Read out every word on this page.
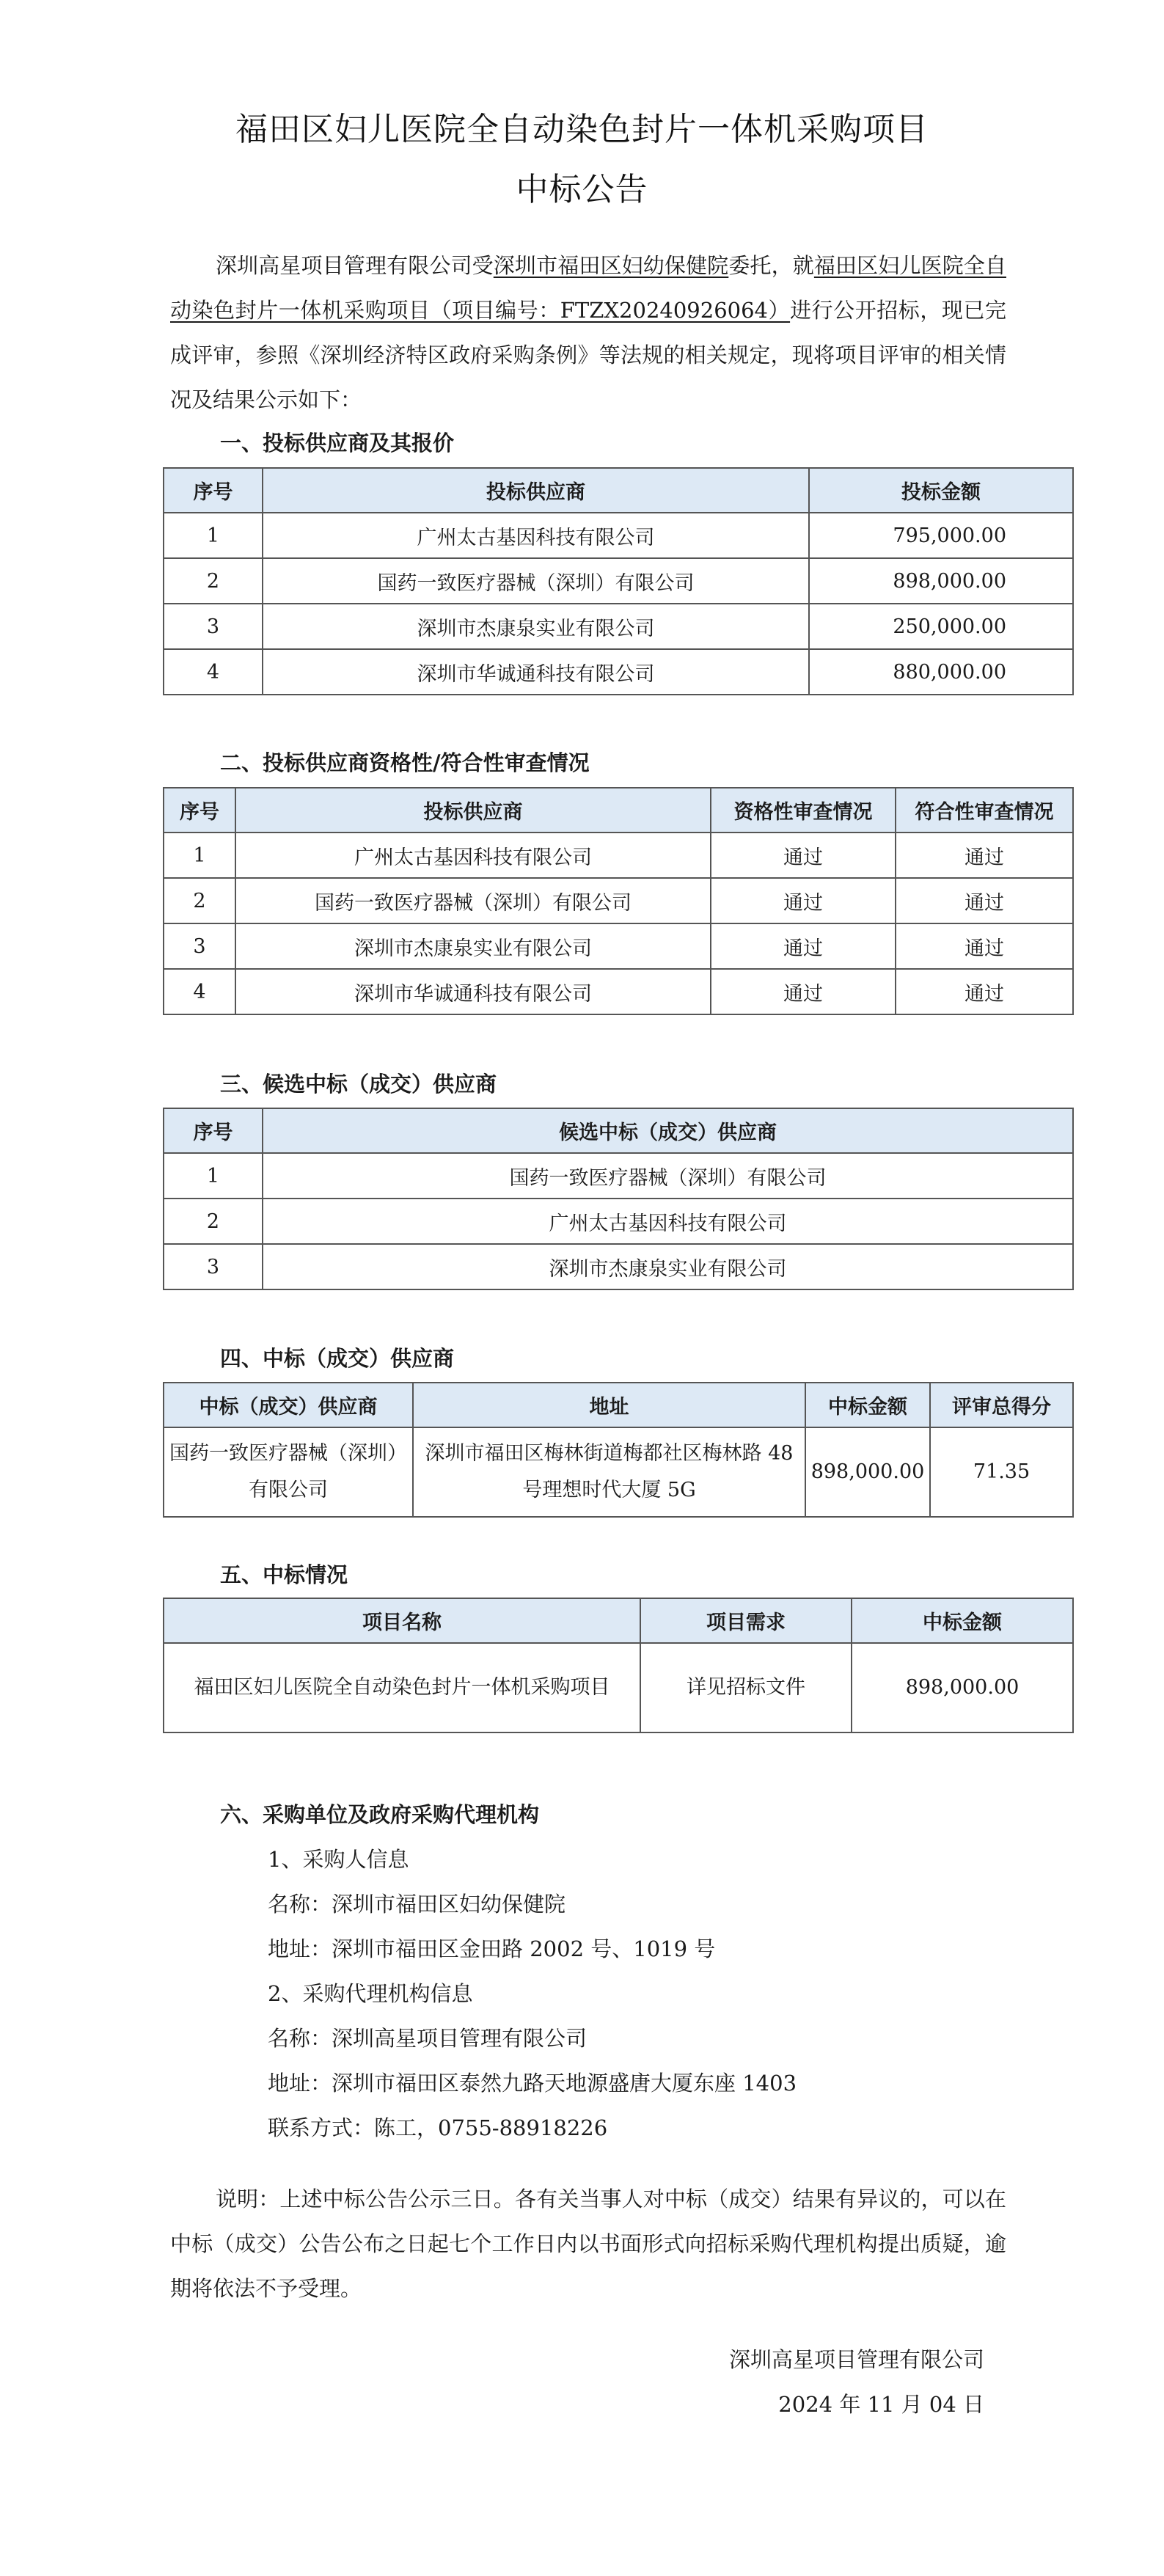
福田区妇儿医院全自动染色封片一体机采购项目
中标公告
深圳高星项目管理有限公司受深圳市福田区妇幼保健院委托，就福田区妇儿医院全自动染色封片一体机采购项目（项目编号：FTZX20240926064）进行公开招标，现已完成评审，参照《深圳经济特区政府采购条例》等法规的相关规定，现将项目评审的相关情况及结果公示如下：
一、投标供应商及其报价
序号	投标供应商	投标金额
1	广州太古基因科技有限公司	795,000.00
2	国药一致医疗器械（深圳）有限公司	898,000.00
3	深圳市杰康泉实业有限公司	250,000.00
4	深圳市华诚通科技有限公司	880,000.00
二、投标供应商资格性/符合性审查情况
序号	投标供应商	资格性审查情况	符合性审查情况
1	广州太古基因科技有限公司	通过	通过
2	国药一致医疗器械（深圳）有限公司	通过	通过
3	深圳市杰康泉实业有限公司	通过	通过
4	深圳市华诚通科技有限公司	通过	通过
三、候选中标（成交）供应商
序号	候选中标（成交）供应商
1	国药一致医疗器械（深圳）有限公司
2	广州太古基因科技有限公司
3	深圳市杰康泉实业有限公司
四、中标（成交）供应商
中标（成交）供应商	地址	中标金额	评审总得分
国药一致医疗器械（深圳）有限公司	深圳市福田区梅林街道梅都社区梅林路 48 号理想时代大厦 5G	898,000.00	71.35
五、中标情况
项目名称	项目需求	中标金额
福田区妇儿医院全自动染色封片一体机采购项目	详见招标文件	898,000.00
六、采购单位及政府采购代理机构
1、采购人信息
名称：深圳市福田区妇幼保健院
地址：深圳市福田区金田路 2002 号、1019 号
2、采购代理机构信息
名称：深圳高星项目管理有限公司
地址：深圳市福田区泰然九路天地源盛唐大厦东座 1403
联系方式：陈工，0755-88918226
说明：上述中标公告公示三日。各有关当事人对中标（成交）结果有异议的，可以在中标（成交）公告公布之日起七个工作日内以书面形式向招标采购代理机构提出质疑，逾期将依法不予受理。
深圳高星项目管理有限公司
2024 年 11 月 04 日
